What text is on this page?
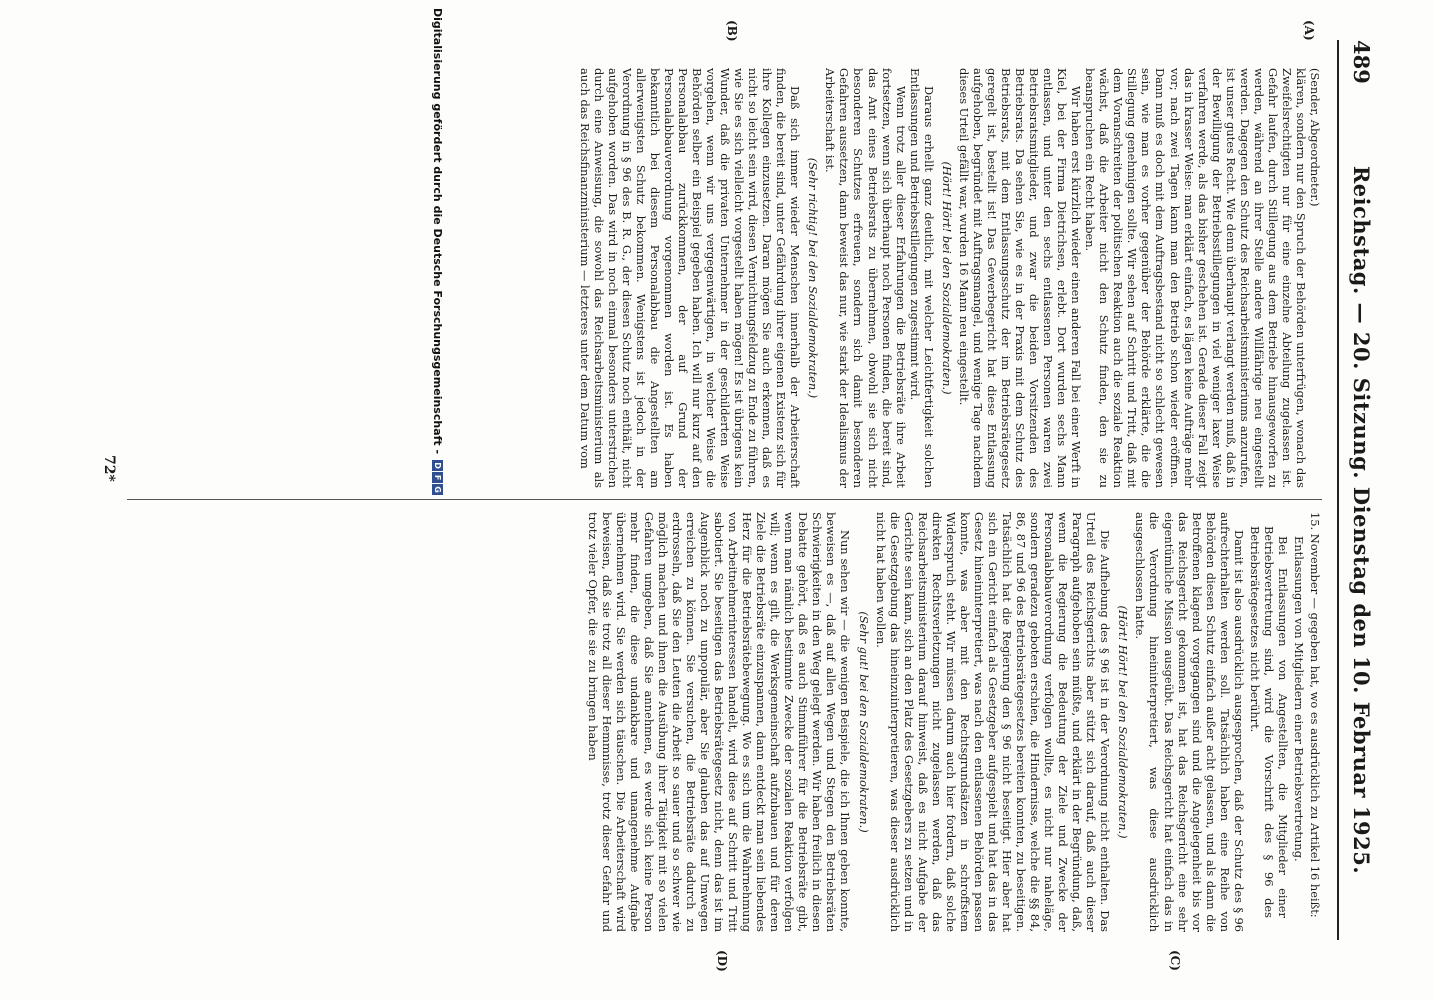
489
Reichstag. — 20. Sitzung. Dienstag den 10. Februar 1925.
(A)
(B)
(C)
(D)

(Sender, Abgeordneter.)

klären, sondern nur den Spruch der Behörden unterfrügen, wonach das Zweifelsrechtigten nur für eine einzelne Abteilung zugelassen ist. Gefahr laufen, durch Stillegung aus dem Betriebe hinausgeworfen zu werden, während an ihrer Stelle andere Willfährige neu eingestellt werden. Dagegen den Schutz des Reichsarbeitsministeriums anzurufen, ist unser gutes Recht. Wie denn überhaupt verlangt werden muß, daß in der Bewilligung der Betriebsstillegungen in viel weniger laxer Weise verfahren werde, als das bisher geschehen ist. Gerade dieser Fall zeigt das in krasser Weise: man erklärt einfach, es lägen keine Aufträge mehr vor; nach zwei Tagen kann man den Betrieb schon wieder eröffnen. Dann muß es doch mit dem Auftragsbestand nicht so schlecht gewesen sein, wie man es vorher gegenüber der Behörde erklärte, die die Stillegung genehmigen sollte. Wir sehen auf Schritt und Tritt, daß mit dem Voranschreiten der politischen Reaktion auch die soziale Reaktion wächst, daß die Arbeiter nicht den Schutz finden, den sie zu beanspruchen ein Recht haben.

Wir haben erst kürzlich wieder einen anderen Fall bei einer Werft in Kiel, bei der Firma Dietrichsen, erlebt. Dort wurden sechs Mann entlassen, und unter den sechs entlassenen Personen waren zwei Betriebsratsmitglieder, und zwar die beiden Vorsitzenden des Betriebsrats. Da sehen Sie, wie es in der Praxis mit dem Schutz des Betriebsrats, mit dem Entlassungsschutz der im Betriebsrätegesetz geregelt ist, bestellt ist! Das Gewerbegericht hat diese Entlassung aufgehoben, begründet mit Auftragsmangel, und wenige Tage nachdem dieses Urteil gefällt war, wurden 16 Mann neu eingestellt.

(Hört! Hört! bei den Sozialdemokraten.)

Daraus erhellt ganz deutlich, mit welcher Leichtfertigkeit solchen Entlassungen und Betriebsstillegungen zugestimmt wird.

Wenn trotz aller dieser Erfahrungen die Betriebsräte ihre Arbeit fortsetzen, wenn sich überhaupt noch Personen finden, die bereit sind, das Amt eines Betriebsrats zu übernehmen, obwohl sie sich nicht besonderen Schutzes erfreuen, sondern sich damit besonderen Gefahren aussetzen, dann beweist das nur, wie stark der Idealismus der Arbeiterschaft ist.

(Sehr richtig! bei den Sozialdemokraten.)

Daß sich immer wieder Menschen innerhalb der Arbeiterschaft finden, die bereit sind, unter Gefährdung ihrer eigenen Existenz sich für ihre Kollegen einzusetzen. Daran mögen Sie auch erkennen, daß es nicht so leicht sein wird, diesen Vernichtungsfeldzug zu Ende zu führen, wie Sie es sich vielleicht vorgestellt haben mögen! Es ist übrigens kein Wunder, daß die privaten Unternehmer in der geschilderten Weise vorgehen, wenn wir uns vergegenwärtigen, in welcher Weise die Behörden selber ein Beispiel gegeben haben. Ich will nur kurz auf den Personalabbau zurückkommen, der auf Grund der Personalabbauverordnung vorgenommen worden ist. Es haben bekanntlich bei diesem Personalabbau die Angestellten am allerwenigsten Schutz bekommen. Wenigstens ist jedoch in der Verordnung in § 96 des B. R. G., der diesen Schutz noch enthält, nicht aufgehoben worden. Das wird in noch einmal besonders unterstrichen durch eine Anweisung, die sowohl das Reichsarbeitsministerium als auch das Reichsfinanzministerium — letzteres unter dem Datum vom

15. November — gegeben hat, wo es ausdrücklich zu Artikel 16 heißt:

Entlassungen von Mitgliedern einer Betriebsvertretung.

Bei Entlassungen von Angestellten, die Mitglieder einer Betriebsvertretung sind, wird die Vorschrift des § 96 des Betriebsrätegesetzes nicht berührt.

Damit ist also ausdrücklich ausgesprochen, daß der Schutz des § 96 aufrechterhalten werden soll. Tatsächlich haben eine Reihe von Behörden diesen Schutz einfach außer acht gelassen, und als dann die Betroffenen klagend vorgegangen sind und die Angelegenheit bis vor das Reichsgericht gekommen ist, hat das Reichsgericht eine sehr eigentümliche Mission ausgeübt. Das Reichsgericht hat einfach das in die Verordnung hineininterpretiert, was diese ausdrücklich ausgeschlossen hatte.

(Hört! Hört! bei den Sozialdemokraten.)

Die Aufhebung des § 96 ist in der Verordnung nicht enthalten. Das Urteil des Reichsgerichts aber stützt sich darauf, daß auch dieser Paragraph aufgehoben sein müßte, und erklärt in der Begründung, daß, wenn die Regierung die Bedeutung der Ziele und Zwecke der Personalabbauverordnung verfolgen wollte, es nicht nur naheläge, sondern geradezu geboten erschien, die Hindernisse, welche die §§ 84, 86, 87 und 96 des Betriebsrätegesetzes bereiten konnten, zu beseitigen. Tatsächlich hat die Regierung den § 96 nicht beseitigt. Hier aber hat sich ein Gericht einfach als Gesetzgeber aufgespielt und hat das in das Gesetz hineininterpretiert, was nach den entlassenen Behörden passen konnte, was aber mit den Rechtsgrundsätzen in schroffstem Widerspruch steht. Wir müssen darum auch hier fordern, daß solche direkten Rechtsverletzungen nicht zugelassen werden, daß das Reichsarbeitsministerium darauf hinweist, daß es nicht Aufgabe der Gerichte sein kann, sich an den Platz des Gesetzgebers zu setzen und in die Gesetzgebung das hineinzuinterpretieren, was dieser ausdrücklich nicht hat haben wollen.

(Sehr gut! bei den Sozialdemokraten.)

Nun sehen wir — die wenigen Beispiele, die ich Ihnen geben konnte, beweisen es —, daß auf allen Wegen und Stegen den Betriebsräten Schwierigkeiten in den Weg gelegt werden. Wir haben freilich in diesen Debatte gehört, daß es auch Stimmführer für die Betriebsräte gibt, wenn man nämlich bestimmte Zwecke der sozialen Reaktion verfolgen will; wenn es gilt, die Werksgemeinschaft aufzubauen und für deren Ziele die Betriebsräte einzuspannen, dann entdeckt man sein liebendes Herz für die Betriebsrätebewegung. Wo es sich um die Wahrnehmung von Arbeitnehmerinteressen handelt, wird diese auf Schritt und Tritt sabotiert. Sie beseitigen das Betriebsrätegesetz nicht, denn das ist im Augenblick noch zu unpopulär, aber Sie glauben das auf Umwegen erreichen zu können. Sie versuchen, die Betriebsräte dadurch zu erdrosseln, daß Sie den Leuten die Arbeit so sauer und so schwer wie möglich machen und ihnen die Ausübung ihrer Tätigkeit mit so vielen Gefahren umgeben, daß Sie annehmen, es werde sich keine Person mehr finden, die diese undankbare und unangenehme Aufgabe übernehmen wird. Sie werden sich täuschen. Die Arbeiterschaft wird beweisen, daß sie trotz all dieser Hemmnisse, trotz dieser Gefahr und trotz vieler Opfer, die sie zu bringen haben

72*
Digitalisierung gefördert durch die Deutsche Forschungsgemeinschaft -
D
F
G
